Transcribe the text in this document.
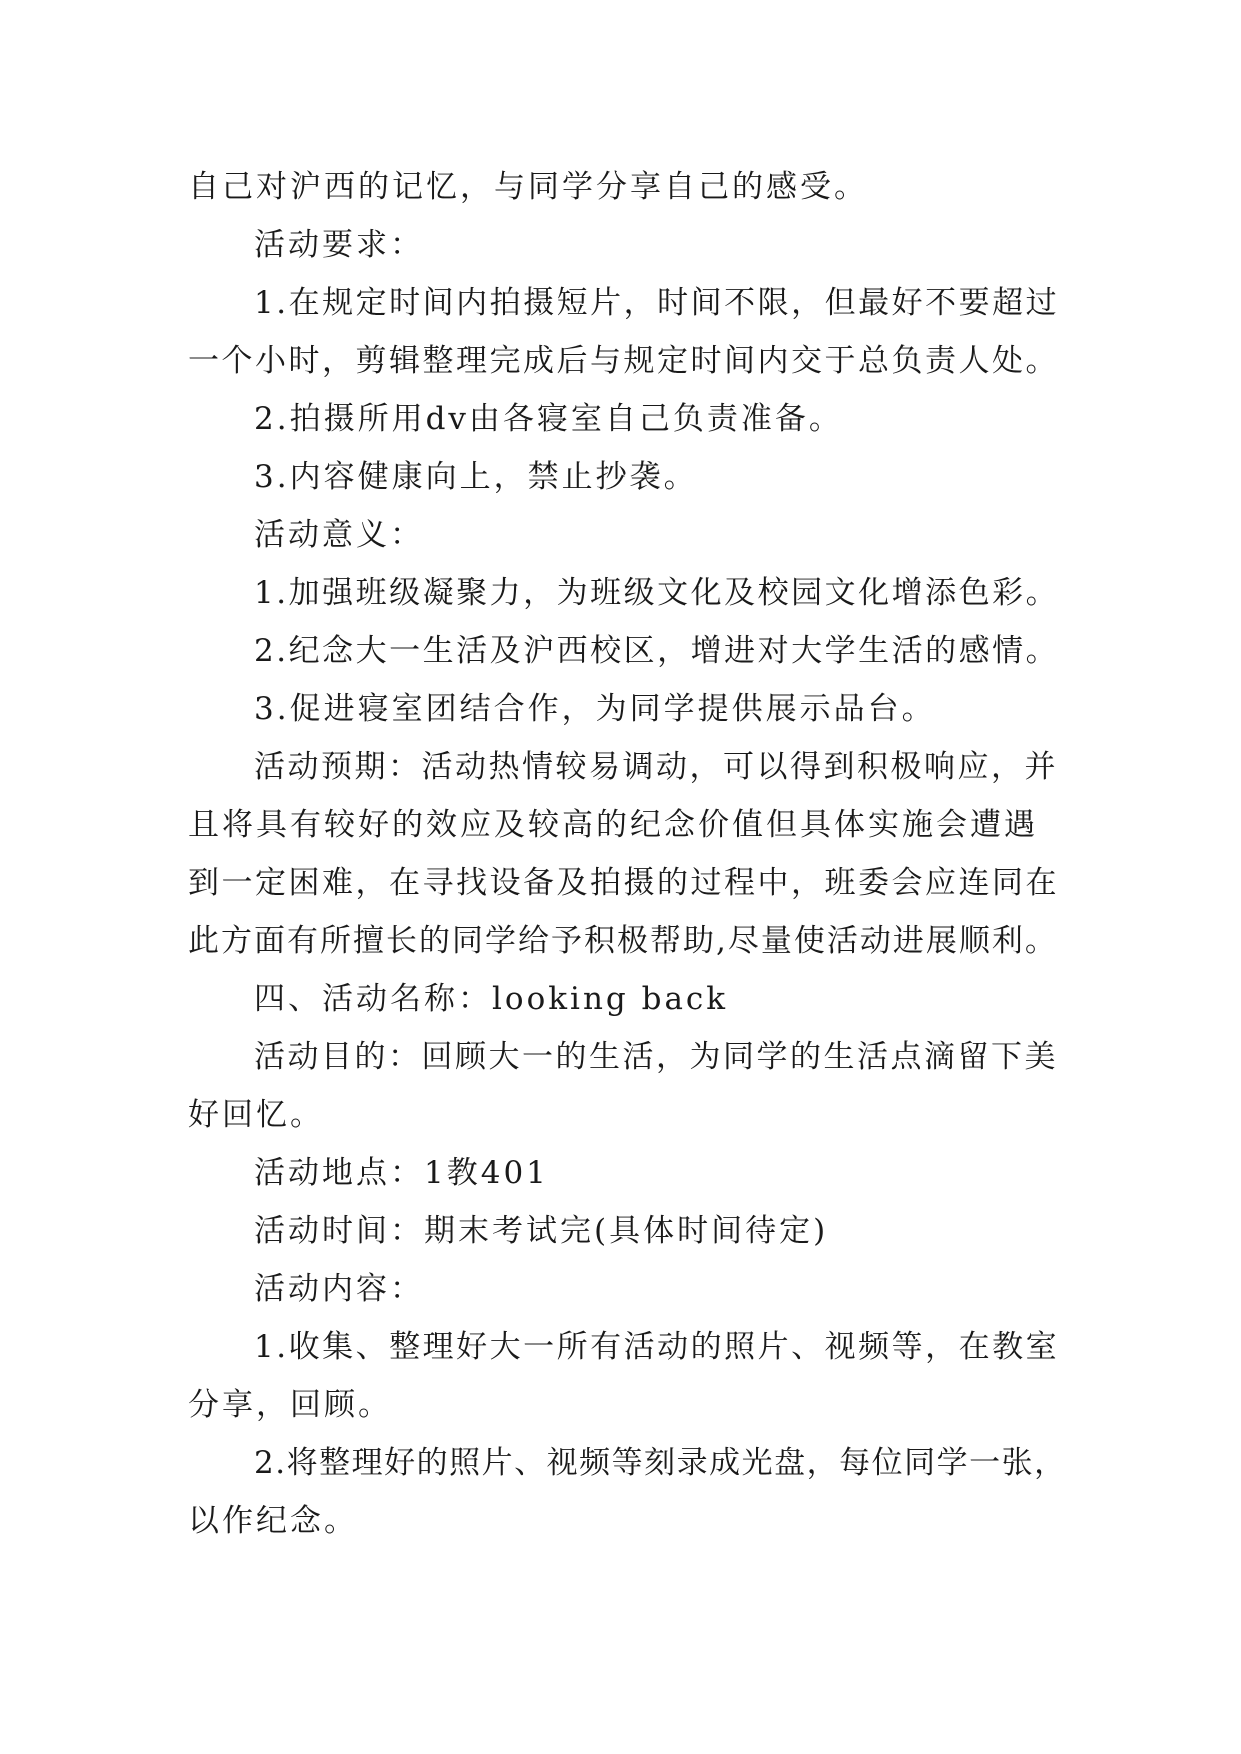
自己对沪西的记忆，与同学分享自己的感受。
活动要求：
1.在规定时间内拍摄短片，时间不限，但最好不要超过
一个小时，剪辑整理完成后与规定时间内交于总负责人处。
2.拍摄所用dv由各寝室自己负责准备。
3.内容健康向上，禁止抄袭。
活动意义：
1.加强班级凝聚力，为班级文化及校园文化增添色彩。
2.纪念大一生活及沪西校区，增进对大学生活的感情。
3.促进寝室团结合作，为同学提供展示品台。
活动预期：活动热情较易调动，可以得到积极响应，并
且将具有较好的效应及较高的纪念价值但具体实施会遭遇
到一定困难，在寻找设备及拍摄的过程中，班委会应连同在
此方面有所擅长的同学给予积极帮助,尽量使活动进展顺利。
四、活动名称：looking back
活动目的：回顾大一的生活，为同学的生活点滴留下美
好回忆。
活动地点：1教401
活动时间：期末考试完(具体时间待定)
活动内容：
1.收集、整理好大一所有活动的照片、视频等，在教室
分享，回顾。
2.将整理好的照片、视频等刻录成光盘，每位同学一张，
以作纪念。
